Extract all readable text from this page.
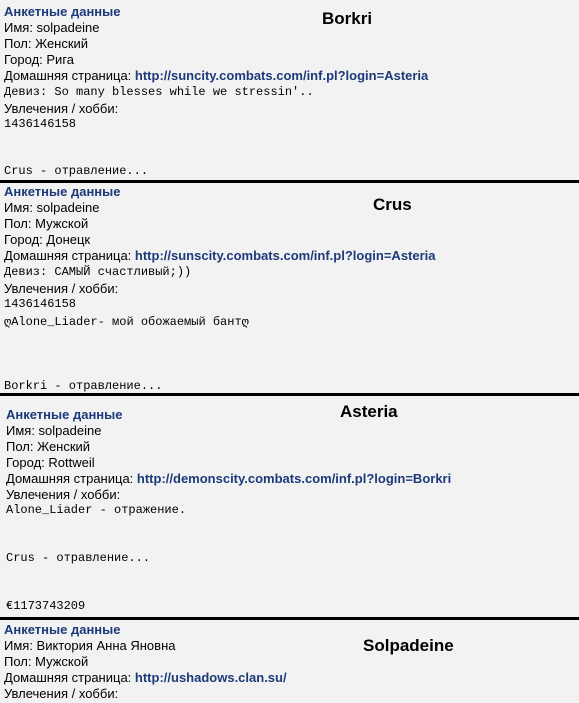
Анкетные данные	Borkri
Имя: solpadeine
Пол: Женский
Город: Рига
Домашняя страница: http://suncity.combats.com/inf.pl?login=Asteria
Девиз: So many blesses while we stressin'..
Увлечения / хобби:
1436146158
Crus - отравление...
Анкетные данные
Crus
Имя: solpadeine
Пол: Мужской
Город: Донецк
Домашняя страница: http://sunscity.combats.com/inf.pl?login=Asteria
Девиз: САМЫЙ счастливый;))
Увлечения / хобби:
1436146158
ღAlone_Liader- мой обожаемый бантღ
Borkri - отравление...
Анкетные данные	Asteria
Имя: solpadeine
Пол: Женский
Город: Rottweil
Домашняя страница: http://demonscity.combats.com/inf.pl?login=Borkri
Увлечения / хобби:
Alone_Liader - отражение.
Crus - отравление...
€1173743209
Анкетные данные
Solpadeine
Имя: Виктория Анна Яновна
Пол: Мужской
Домашняя страница: http://ushadows.clan.su/
Увлечения / хобби:
